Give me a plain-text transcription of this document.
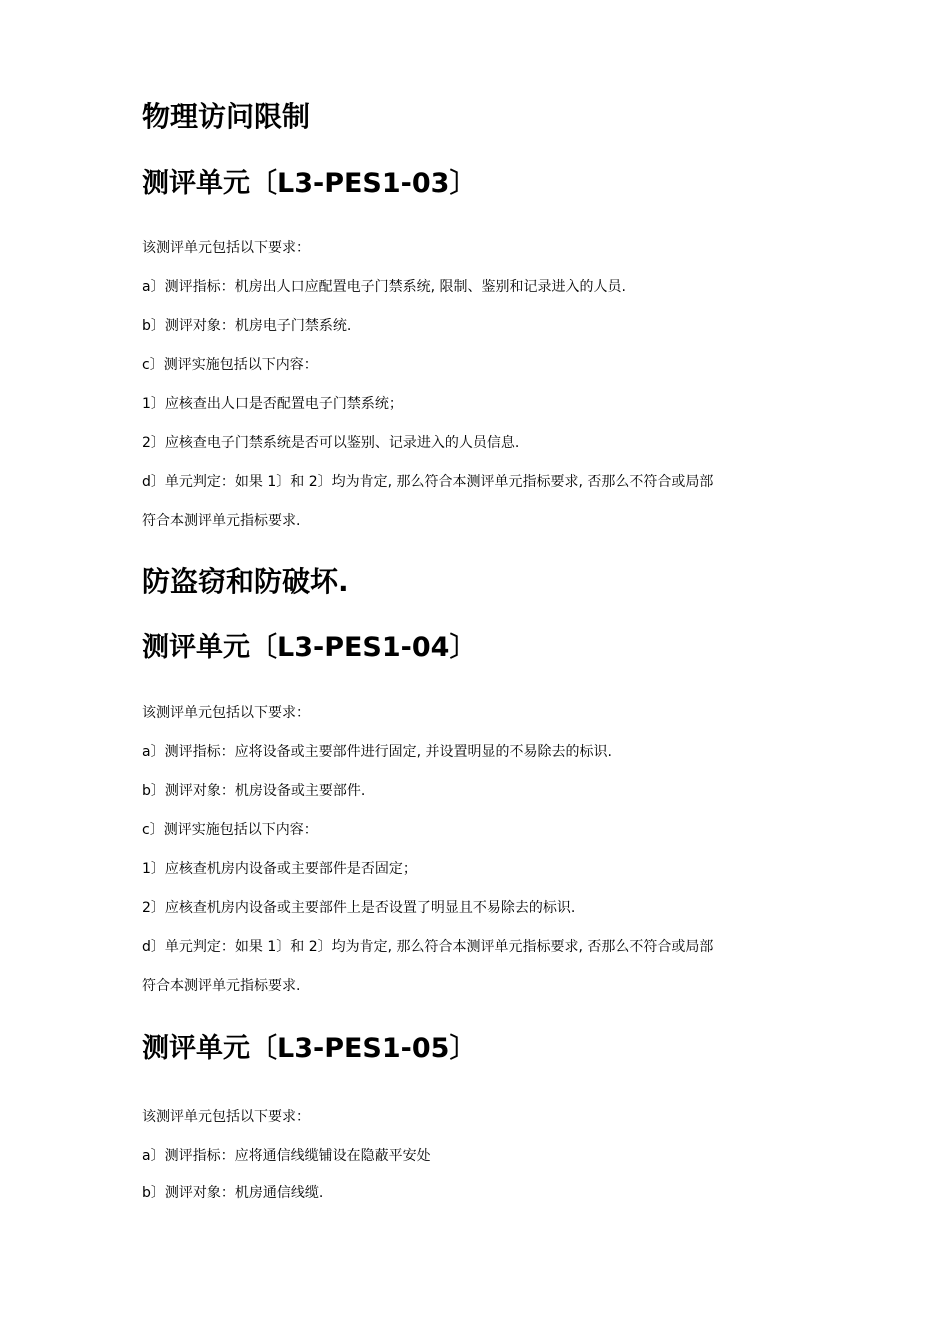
物理访问限制
测评单元〔L3-PES1-03〕

该测评单元包括以下要求：

a〕测评指标：机房出人口应配置电子门禁系统, 限制、鉴别和记录进入的人员.

b〕测评对象：机房电子门禁系统.

c〕测评实施包括以下内容：

1〕应核查出人口是否配置电子门禁系统；

2〕应核查电子门禁系统是否可以鉴别、记录进入的人员信息.

d〕单元判定：如果 1〕和 2〕均为肯定, 那么符合本测评单元指标要求, 否那么不符合或局部

符合本测评单元指标要求.

防盗窃和防破坏.
测评单元〔L3-PES1-04〕

该测评单元包括以下要求：

a〕测评指标：应将设备或主要部件进行固定, 并设置明显的不易除去的标识.

b〕测评对象：机房设备或主要部件.

c〕测评实施包括以下内容：

1〕应核查机房内设备或主要部件是否固定；

2〕应核查机房内设备或主要部件上是否设置了明显且不易除去的标识.

d〕单元判定：如果 1〕和 2〕均为肯定, 那么符合本测评单元指标要求, 否那么不符合或局部

符合本测评单元指标要求.

测评单元〔L3-PES1-05〕

该测评单元包括以下要求：

a〕测评指标：应将通信线缆铺设在隐蔽平安处

b〕测评对象：机房通信线缆.
